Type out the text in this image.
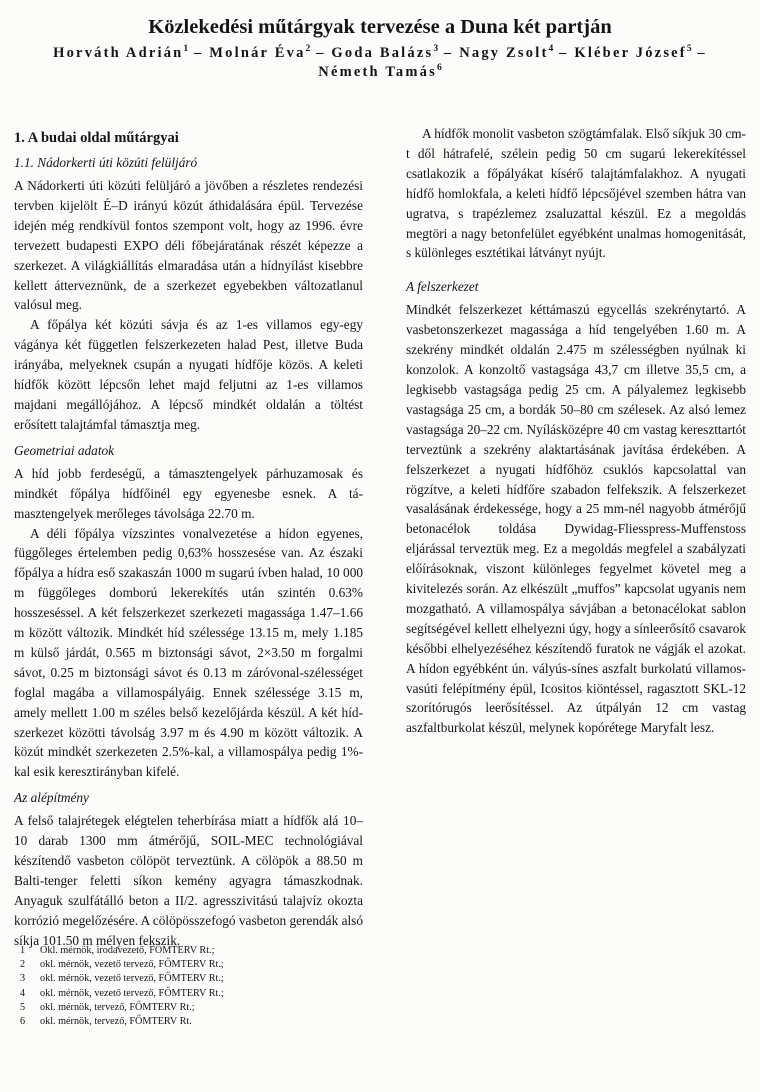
Közlekedési műtárgyak tervezése a Duna két partján
Horváth Adrián$^1$ – Molnár Éva$^2$ – Goda Balázs$^3$ – Nagy Zsolt$^4$ – Kléber József$^5$ –
Németh Tamás$^6$
1. A budai oldal műtárgyai
1.1. Nádorkerti úti közúti felüljáró

A Nádorkerti úti közúti felüljáró a jövőben a részletes rendezési tervben kijelölt É–D irányú közút áthidalására épül. Tervezése idején még rendkívül fontos szempont volt, hogy az 1996. évre tervezett budapesti EXPO déli főbejáratának részét képezze a szerkezet. A világkiállítás elmaradása után a hídnyílást kisebbre kellett átterveznünk, de a szerkezet egyebekben változatlanul valósul meg.

A főpálya két közúti sávja és az 1-es villamos egy-egy vágánya két független felszerkezeten halad Pest, illetve Buda irányába, melyeknek csupán a nyugati hídfője közös. A keleti hídfők között lépcsőn lehet majd feljutni az 1-es villamos majdani megállójához. A lépcső mindkét oldalán a töltést erősített talajtámfal támasztja meg.

Geometriai adatok

A híd jobb ferdeségű, a támasztengelyek párhuzamosak és mindkét főpálya hídfőinél egy egyenesbe esnek. A támasztengelyek merőleges távolsága 22.70 m.

A déli főpálya vízszintes vonalvezetése a hídon egyenes, függőleges értelemben pedig 0,63% hosszesése van. Az északi főpálya a hídra eső szakaszán 1000 m sugarú ívben halad, 10 000 m függőleges domború lekerekítés után szintén 0.63% hosszeséssel. A két felszerkezet szerkezeti magassága 1.47–1.66 m között változik. Mindkét híd szélessége 13.15 m, mely 1.185 m külső járdát, 0.565 m biztonsági sávot, 2×3.50 m forgalmi sávot, 0.25 m biztonsági sávot és 0.13 m záróvonal-szélességet foglal magába a villamospályáig. Ennek szélessége 3.15 m, amely mellett 1.00 m széles belső kezelőjárda készül. A két hídszerkezet közötti távolság 3.97 m és 4.90 m között változik. A közút mindkét szerkezeten 2.5%-kal, a villamospálya pedig 1%-kal esik keresztirányban kifelé.

Az alépítmény

A felső talajrétegek elégtelen teherbírása miatt a hídfők alá 10–10 darab 1300 mm átmérőjű, SOIL-MEC technológiával készítendő vasbeton cölöpöt terveztünk. A cölöpök a 88.50 m Balti-tenger feletti síkon kemény agyagra támaszkodnak. Anyaguk szulfátálló beton a II/2. agresszivitású talajvíz okozta korrózió megelőzésére. A cölöpösszefogó vasbeton gerendák alsó síkja 101.50 m mélyen fekszik.

A hídfők monolit vasbeton szögtámfalak. Első síkjuk 30 cm-t dől hátrafelé, szélein pedig 50 cm sugarú lekerekítéssel csatlakozik a főpályákat kísérő talajtámfalakhoz. A nyugati hídfő homlokfala, a keleti hídfő lépcsőjével szemben hátra van ugratva, s trapézlemez zsaluzattal készül. Ez a megoldás megtöri a nagy betonfelület egyébként unalmas homogenitását, s különleges esztétikai látványt nyújt.

A felszerkezet

Mindkét felszerkezet kéttámaszú egycellás szekrénytartó. A vasbetonszerkezet magassága a híd tengelyében 1.60 m. A szekrény mindkét oldalán 2.475 m szélességben nyúlnak ki konzolok. A konzoltő vastagsága 43,7 cm illetve 35,5 cm, a legkisebb vastagsága pedig 25 cm. A pályalemez legkisebb vastagsága 25 cm, a bordák 50–80 cm szélesek. Az alsó lemez vastagsága 20–22 cm. Nyílásközépre 40 cm vastag kereszttartót terveztünk a szekrény alaktartásának javítása érdekében. A felszerkezet a nyugati hídfőhöz csuklós kapcsolattal van rögzítve, a keleti hídfőre szabadon felfekszik. A felszerkezet vasalásának érdekessége, hogy a 25 mm-nél nagyobb átmérőjű betonacélok toldása Dywidag-Fliesspress-Muffenstoss eljárással terveztük meg. Ez a megoldás megfelel a szabályzati előírásoknak, viszont különleges fegyelmet követel meg a kivitelezés során. Az elkészült „muffos” kapcsolat ugyanis nem mozgatható. A villamospálya sávjában a betonacélokat sablon segítségével kellett elhelyezni úgy, hogy a sínleerősítő csavarok későbbi elhelyezéséhez készítendő furatok ne vágják el azokat. A hídon egyébként ún. vályús-sínes aszfalt burkolatú villamosvasúti felépítmény épül, Icositos kiöntéssel, ragasztott SKL-12 szorítórugós leerősítéssel. Az útpályán 12 cm vastag aszfaltburkolat készül, melynek kopórétege Maryfalt lesz.

1	Okl. mérnök, irodavezető, FŐMTERV Rt.;
2	okl. mérnök, vezető tervező, FŐMTERV Rt.;
3	okl. mérnök, vezető tervező, FŐMTERV Rt.;
4	okl. mérnök, vezető tervező, FŐMTERV Rt.;
5	okl. mérnök, tervező, FŐMTERV Rt.;
6	okl. mérnök, tervező, FŐMTERV Rt.
